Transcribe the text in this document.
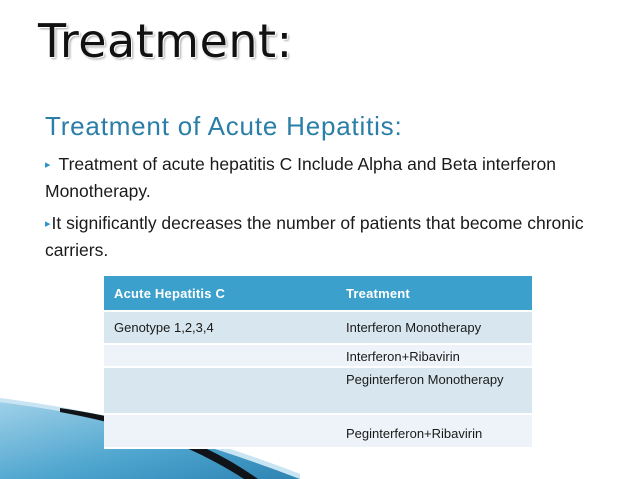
Treatment:
Treatment of Acute Hepatitis:

▸ Treatment of acute hepatitis C Include Alpha and Beta interferon Monotherapy.

▸It significantly decreases the number of patients that become chronic carriers.

Acute Hepatitis C	Treatment
Genotype 1,2,3,4	Interferon Monotherapy
	Interferon+Ribavirin
	Peginterferon Monotherapy
	Peginterferon+Ribavirin
